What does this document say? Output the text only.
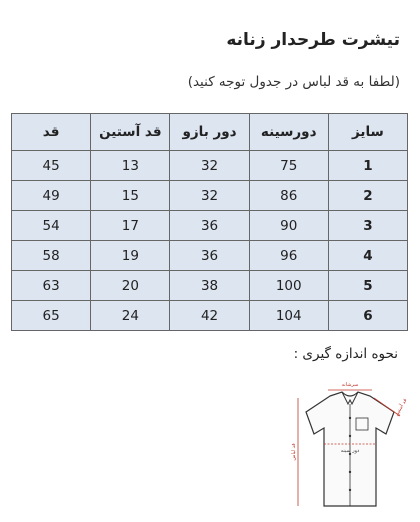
تیشرت طرحدار زنانه
(لطفا به قد لباس در جدول توجه کنید)
سایز	دورسینه	دور بازو	قد آستین	قد
1	75	32	13	45
2	86	32	15	49
3	90	36	17	54
4	96	36	19	58
5	100	38	20	63
6	104	42	24	65
نحوه اندازه گیری :
سرشانه
دور سینه
قد لباس
قد آستین
